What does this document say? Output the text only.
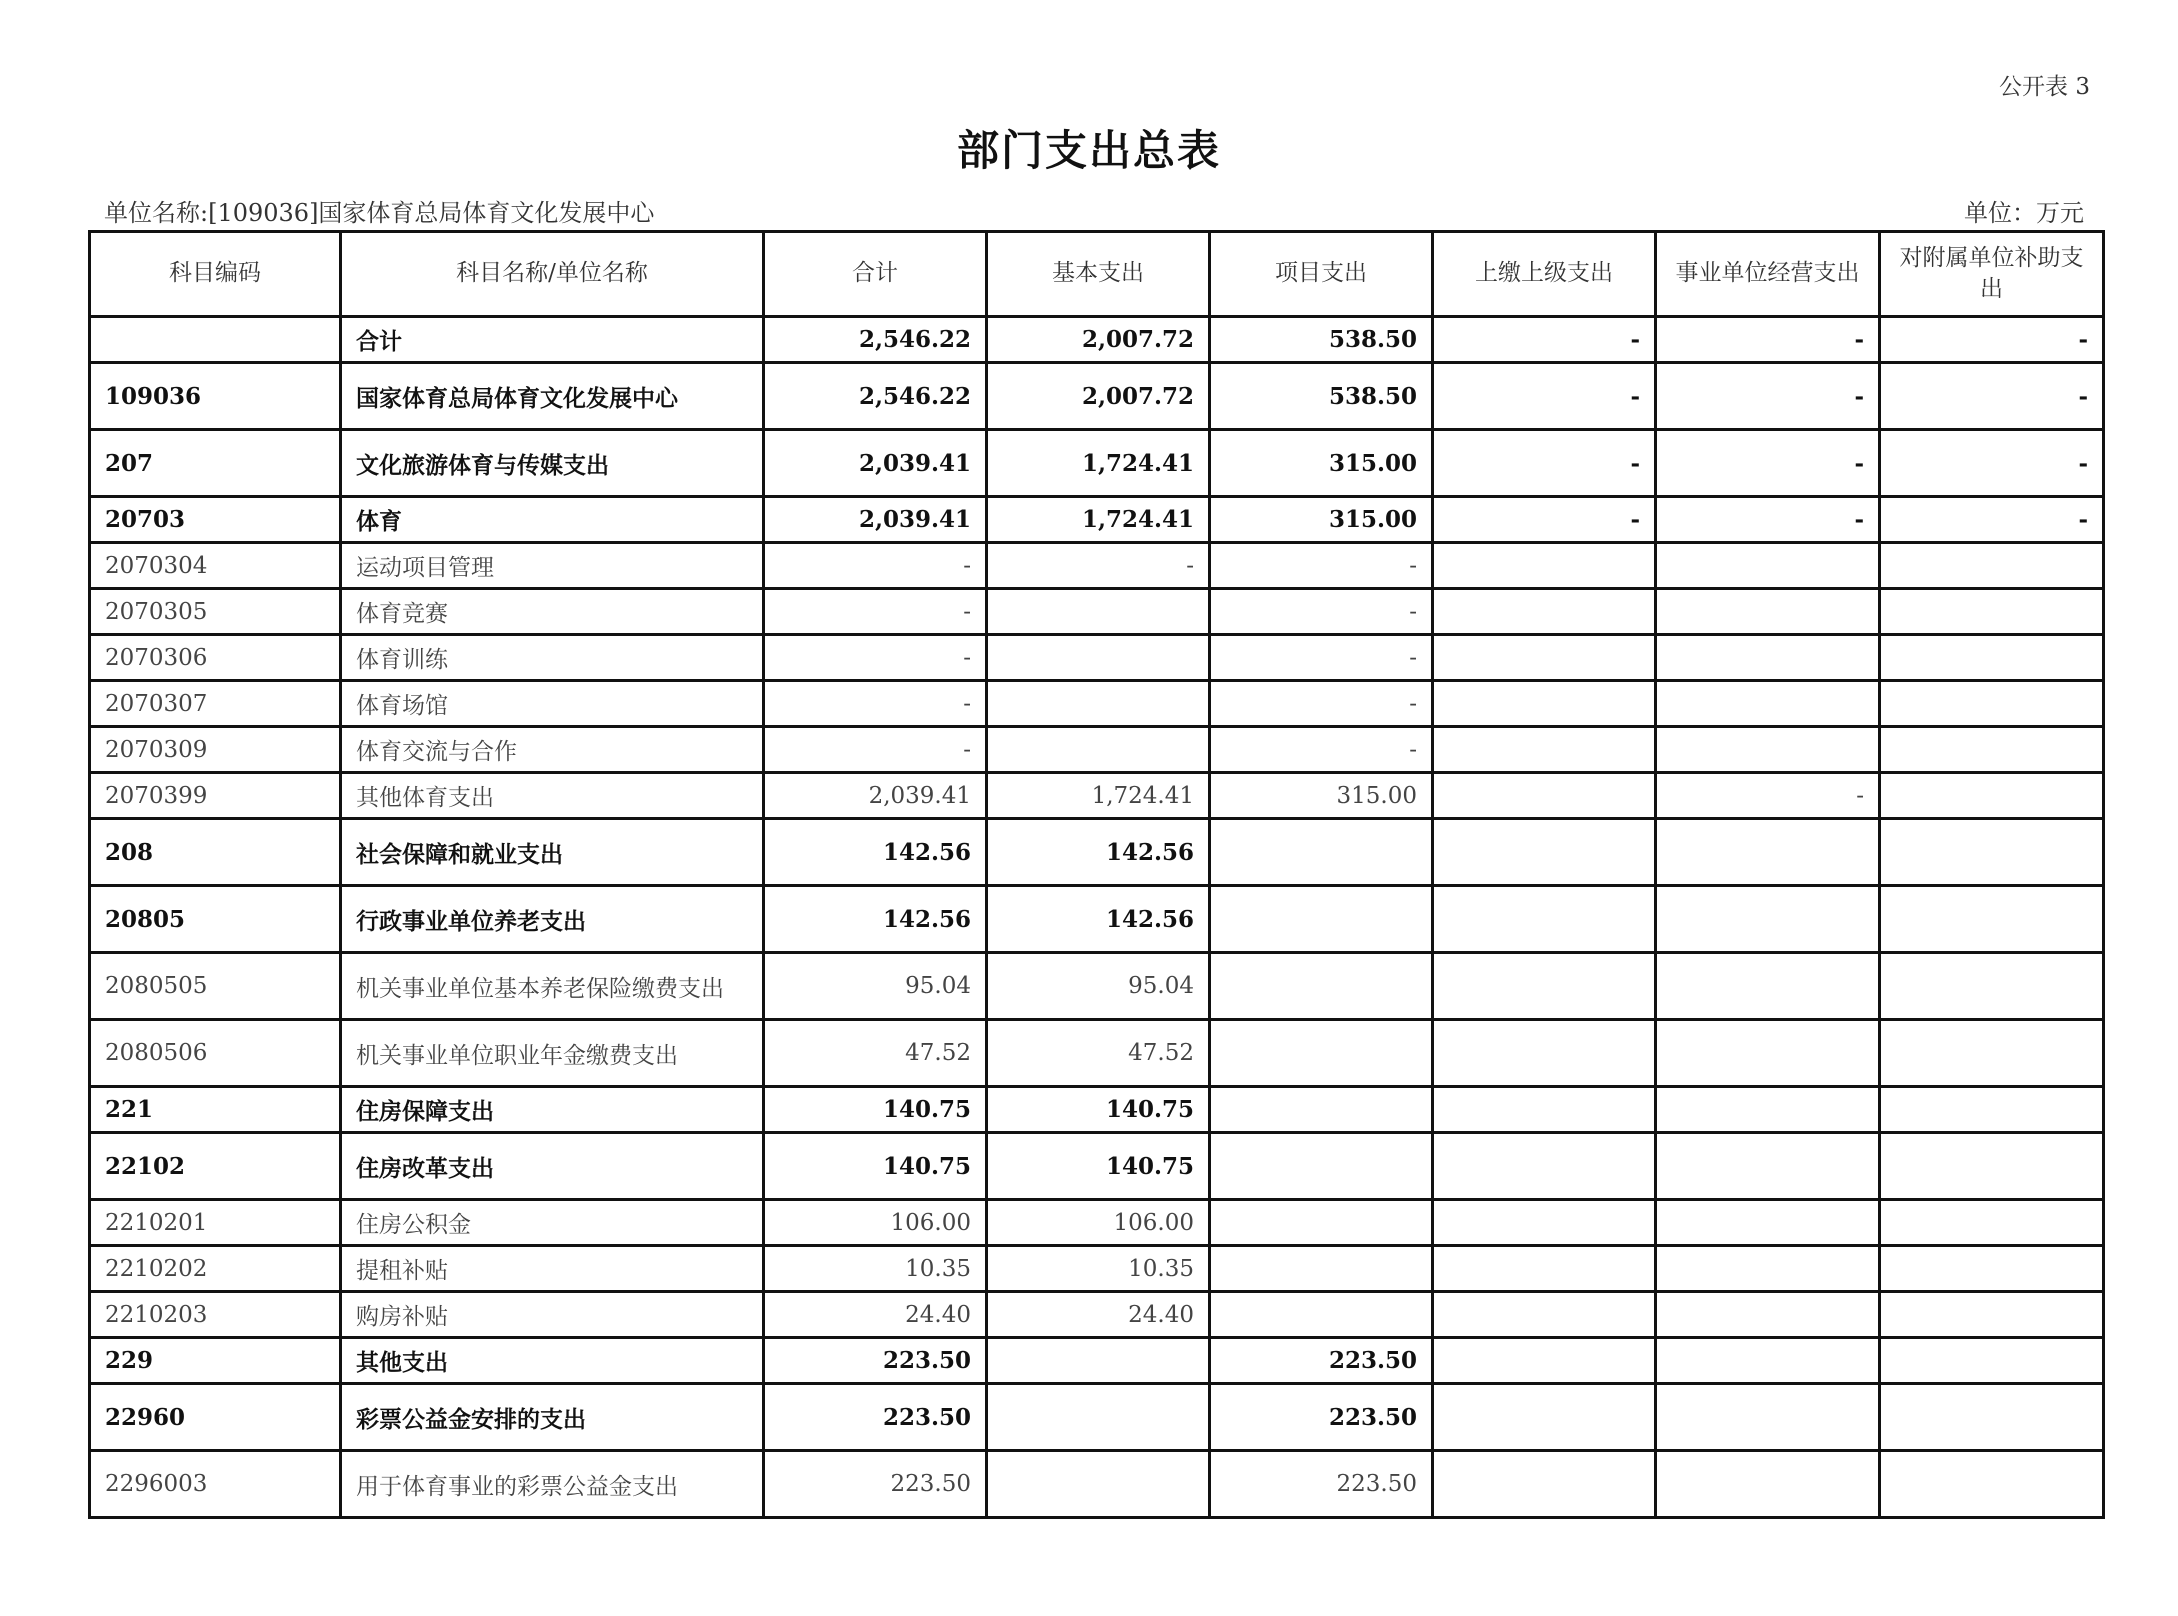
公开表 3
部门支出总表
单位名称:[109036]国家体育总局体育文化发展中心	单位：万元
科目编码	科目名称/单位名称	合计	基本支出	项目支出	上缴上级支出	事业单位经营支出	对附属单位补助支出
	合计	2,546.22	2,007.72	538.50	-	-	-
109036	国家体育总局体育文化发展中心	2,546.22	2,007.72	538.50	-	-	-
207	文化旅游体育与传媒支出	2,039.41	1,724.41	315.00	-	-	-
20703	体育	2,039.41	1,724.41	315.00	-	-	-
2070304	运动项目管理	-	-	-			
2070305	体育竞赛	-		-			
2070306	体育训练	-		-			
2070307	体育场馆	-		-			
2070309	体育交流与合作	-		-			
2070399	其他体育支出	2,039.41	1,724.41	315.00		-	
208	社会保障和就业支出	142.56	142.56				
20805	行政事业单位养老支出	142.56	142.56				
2080505	机关事业单位基本养老保险缴费支出	95.04	95.04				
2080506	机关事业单位职业年金缴费支出	47.52	47.52				
221	住房保障支出	140.75	140.75				
22102	住房改革支出	140.75	140.75				
2210201	住房公积金	106.00	106.00				
2210202	提租补贴	10.35	10.35				
2210203	购房补贴	24.40	24.40				
229	其他支出	223.50		223.50			
22960	彩票公益金安排的支出	223.50		223.50			
2296003	用于体育事业的彩票公益金支出	223.50		223.50			
